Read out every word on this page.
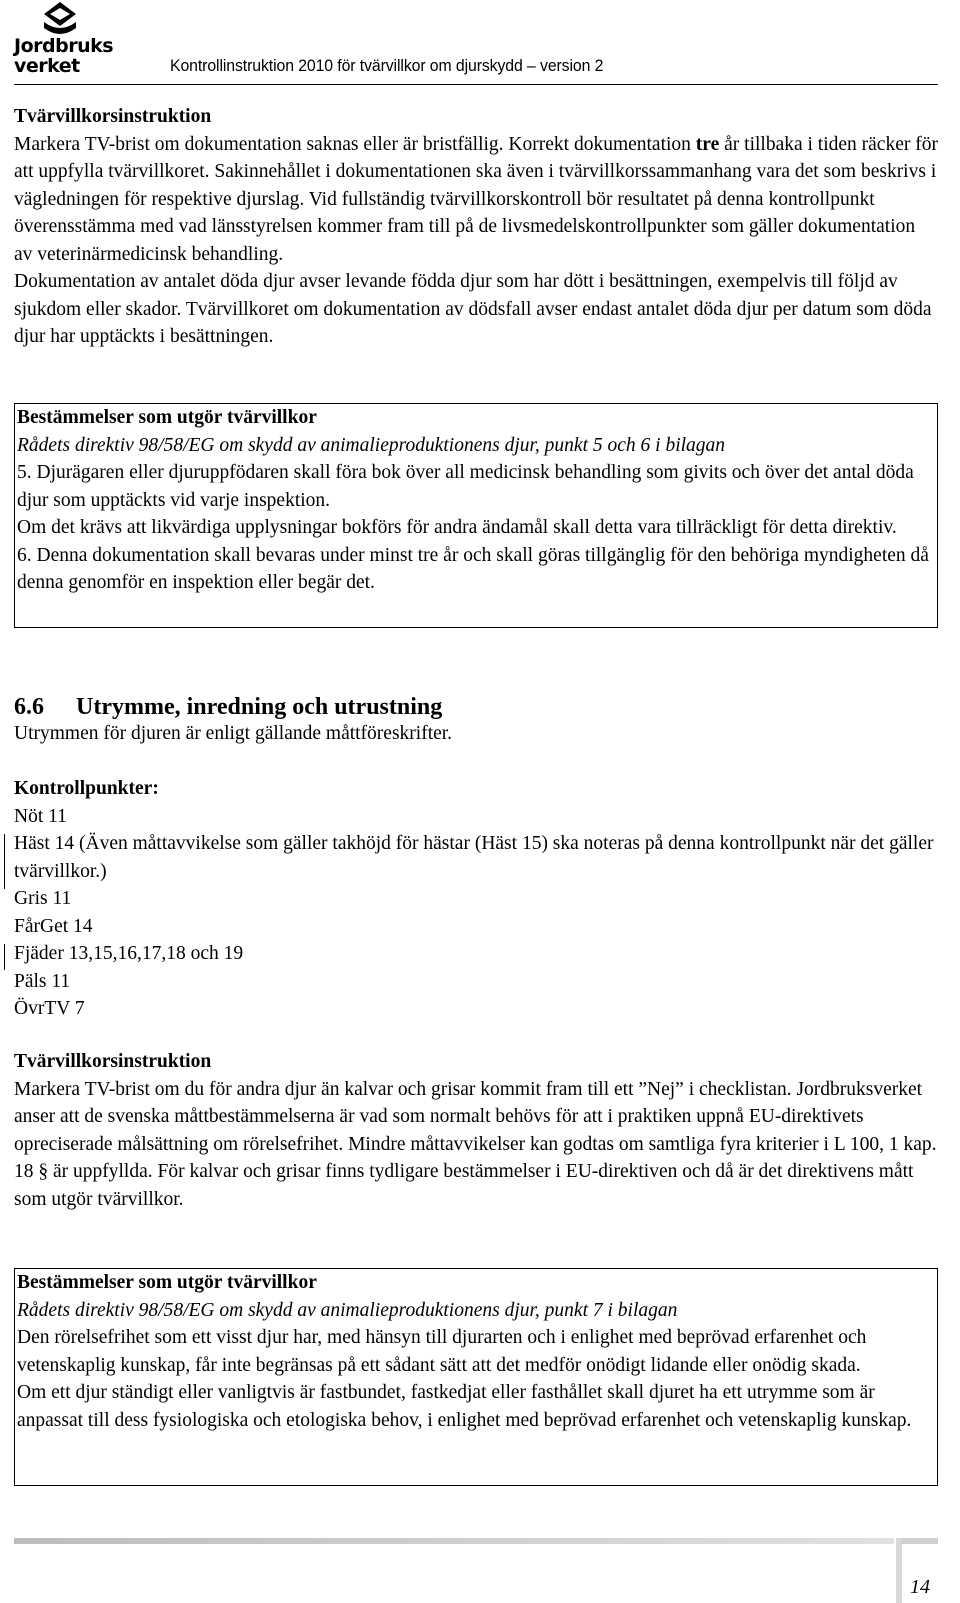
Jordbruks
verket	Kontrollinstruktion 2010 för tvärvillkor om djurskydd – version 2

Tvärvillkorsinstruktion

Markera TV-brist om dokumentation saknas eller är bristfällig. Korrekt dokumentation tre år tillbaka i tiden räcker för att uppfylla tvärvillkoret. Sakinnehållet i dokumentationen ska även i tvärvillkorssammanhang vara det som beskrivs i vägledningen för respektive djurslag. Vid fullständig tvärvillkorskontroll bör resultatet på denna kontrollpunkt överensstämma med vad länsstyrelsen kommer fram till på de livsmedelskontrollpunkter som gäller dokumentation av veterinärmedicinsk behandling.

Dokumentation av antalet döda djur avser levande födda djur som har dött i besättningen, exempelvis till följd av sjukdom eller skador. Tvärvillkoret om dokumentation av dödsfall avser endast antalet döda djur per datum som döda djur har upptäckts i besättningen.

Bestämmelser som utgör tvärvillkor

Rådets direktiv 98/58/EG om skydd av animalieproduktionens djur, punkt 5 och 6 i bilagan

5. Djurägaren eller djuruppfödaren skall föra bok över all medicinsk behandling som givits och över det antal döda djur som upptäckts vid varje inspektion.

Om det krävs att likvärdiga upplysningar bokförs för andra ändamål skall detta vara tillräckligt för detta direktiv.

6. Denna dokumentation skall bevaras under minst tre år och skall göras tillgänglig för den behöriga myndigheten då denna genomför en inspektion eller begär det.

6.6 Utrymme, inredning och utrustning

Utrymmen för djuren är enligt gällande måttföreskrifter.

Kontrollpunkter:

Nöt 11

Häst 14 (Även måttavvikelse som gäller takhöjd för hästar (Häst 15) ska noteras på denna kontrollpunkt när det gäller tvärvillkor.)

Gris 11

FårGet 14

Fjäder 13,15,16,17,18 och 19

Päls 11

ÖvrTV 7

Tvärvillkorsinstruktion

Markera TV-brist om du för andra djur än kalvar och grisar kommit fram till ett ”Nej” i checklistan. Jordbruksverket anser att de svenska måttbestämmelserna är vad som normalt behövs för att i praktiken uppnå EU-direktivets opreciserade målsättning om rörelsefrihet. Mindre måttavvikelser kan godtas om samtliga fyra kriterier i L 100, 1 kap. 18 § är uppfyllda. För kalvar och grisar finns tydligare bestämmelser i EU-direktiven och då är det direktivens mått som utgör tvärvillkor.

Bestämmelser som utgör tvärvillkor

Rådets direktiv 98/58/EG om skydd av animalieproduktionens djur, punkt 7 i bilagan

Den rörelsefrihet som ett visst djur har, med hänsyn till djurarten och i enlighet med beprövad erfarenhet och vetenskaplig kunskap, får inte begränsas på ett sådant sätt att det medför onödigt lidande eller onödig skada.

Om ett djur ständigt eller vanligtvis är fastbundet, fastkedjat eller fasthållet skall djuret ha ett utrymme som är anpassat till dess fysiologiska och etologiska behov, i enlighet med beprövad erfarenhet och vetenskaplig kunskap.

14
